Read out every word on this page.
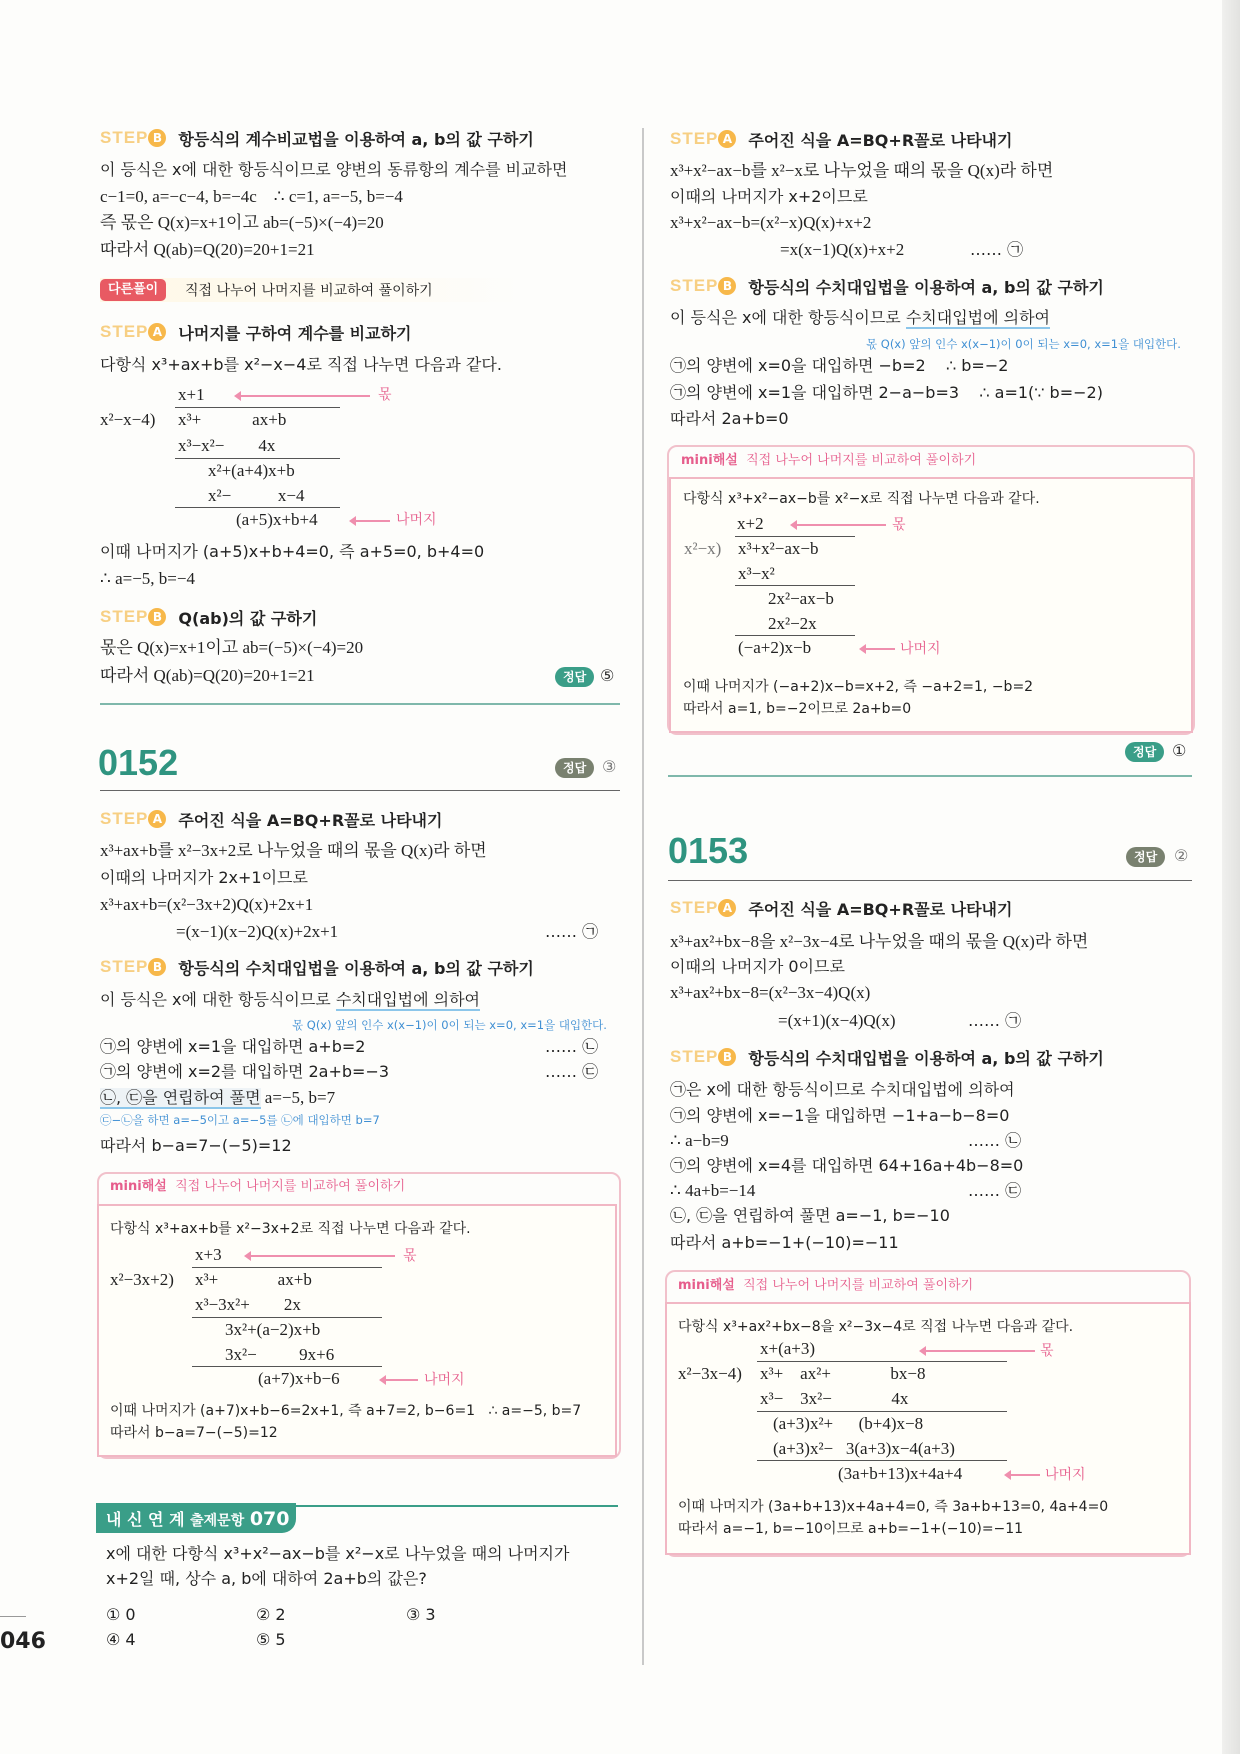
STEP B 항등식의 계수비교법을 이용하여 a, b의 값 구하기
이 등식은 x에 대한 항등식이므로 양변의 동류항의 계수를 비교하면
c−1=0, a=−c−4, b=−4c    ∴ c=1, a=−5, b=−4
즉 몫은 Q(x)=x+1이고 ab=(−5)×(−4)=20
따라서 Q(ab)=Q(20)=20+1=21
다른풀이	직접 나누어 나머지를 비교하여 풀이하기
STEP A 나머지를 구하여 계수를 비교하기
다항식 x³+ax+b를 x²−x−4로 직접 나누면 다음과 같다.
x+1	몫
x²−x−4) x³+            ax+b
x³−x²−        4x
x²+(a+4)x+b
x²−           x−4
(a+5)x+b+4	나머지
이때 나머지가 (a+5)x+b+4=0, 즉 a+5=0, b+4=0
∴ a=−5, b=−4
STEP B Q(ab)의 값 구하기
몫은 Q(x)=x+1이고 ab=(−5)×(−4)=20
따라서 Q(ab)=Q(20)=20+1=21	정답 ⑤
0152	정답 ③
STEP A 주어진 식을 A=BQ+R꼴로 나타내기
x³+ax+b를 x²−3x+2로 나누었을 때의 몫을 Q(x)라 하면
이때의 나머지가 2x+1이므로
x³+ax+b=(x²−3x+2)Q(x)+2x+1
=(x−1)(x−2)Q(x)+2x+1	…… ㉠
STEP B 항등식의 수치대입법을 이용하여 a, b의 값 구하기
이 등식은 x에 대한 항등식이므로 수치대입법에 의하여
몫 Q(x) 앞의 인수 x(x−1)이 0이 되는 x=0, x=1을 대입한다.
㉠의 양변에 x=1을 대입하면 a+b=2	…… ㉡
㉠의 양변에 x=2를 대입하면 2a+b=−3	…… ㉢
㉡, ㉢을 연립하여 풀면 a=−5, b=7
㉢−㉡을 하면 a=−5이고 a=−5를 ㉡에 대입하면 b=7
따라서 b−a=7−(−5)=12
mini해설 직접 나누어 나머지를 비교하여 풀이하기
다항식 x³+ax+b를 x²−3x+2로 직접 나누면 다음과 같다.
x+3	몫
x²−3x+2) x³+              ax+b
x³−3x²+        2x
3x²+(a−2)x+b
3x²−          9x+6
(a+7)x+b−6	나머지
이때 나머지가 (a+7)x+b−6=2x+1, 즉 a+7=2, b−6=1   ∴ a=−5, b=7
따라서 b−a=7−(−5)=12
내 신 연 계 출제문항 070
x에 대한 다항식 x³+x²−ax−b를 x²−x로 나누었을 때의 나머지가
x+2일 때, 상수 a, b에 대하여 2a+b의 값은?
① 0	② 2	③ 3
④ 4	⑤ 5
046
STEP A 주어진 식을 A=BQ+R꼴로 나타내기
x³+x²−ax−b를 x²−x로 나누었을 때의 몫을 Q(x)라 하면
이때의 나머지가 x+2이므로
x³+x²−ax−b=(x²−x)Q(x)+x+2
=x(x−1)Q(x)+x+2	…… ㉠
STEP B 항등식의 수치대입법을 이용하여 a, b의 값 구하기
이 등식은 x에 대한 항등식이므로 수치대입법에 의하여
몫 Q(x) 앞의 인수 x(x−1)이 0이 되는 x=0, x=1을 대입한다.
㉠의 양변에 x=0을 대입하면 −b=2    ∴ b=−2
㉠의 양변에 x=1을 대입하면 2−a−b=3    ∴ a=1(∵ b=−2)
따라서 2a+b=0
mini해설 직접 나누어 나머지를 비교하여 풀이하기
다항식 x³+x²−ax−b를 x²−x로 직접 나누면 다음과 같다.
x+2	몫
x²−x) x³+x²−ax−b
x³−x²
2x²−ax−b
2x²−2x
(−a+2)x−b	나머지
이때 나머지가 (−a+2)x−b=x+2, 즉 −a+2=1, −b=2
따라서 a=1, b=−2이므로 2a+b=0
정답 ①
0153	정답	②
STEP A 주어진 식을 A=BQ+R꼴로 나타내기
x³+ax²+bx−8을 x²−3x−4로 나누었을 때의 몫을 Q(x)라 하면
이때의 나머지가 0이므로
x³+ax²+bx−8=(x²−3x−4)Q(x)
=(x+1)(x−4)Q(x)	…… ㉠
STEP B 항등식의 수치대입법을 이용하여 a, b의 값 구하기
㉠은 x에 대한 항등식이므로 수치대입법에 의하여
㉠의 양변에 x=−1을 대입하면 −1+a−b−8=0
∴ a−b=9	…… ㉡
㉠의 양변에 x=4를 대입하면 64+16a+4b−8=0
∴ 4a+b=−14	…… ㉢
㉡, ㉢을 연립하여 풀면 a=−1, b=−10
따라서 a+b=−1+(−10)=−11
mini해설 직접 나누어 나머지를 비교하여 풀이하기
다항식 x³+ax²+bx−8을 x²−3x−4로 직접 나누면 다음과 같다.
x+(a+3)	몫
x²−3x−4) x³+    ax²+              bx−8
x³−    3x²−              4x
(a+3)x²+      (b+4)x−8
(a+3)x²−   3(a+3)x−4(a+3)
(3a+b+13)x+4a+4	나머지
이때 나머지가 (3a+b+13)x+4a+4=0, 즉 3a+b+13=0, 4a+4=0
따라서 a=−1, b=−10이므로 a+b=−1+(−10)=−11
